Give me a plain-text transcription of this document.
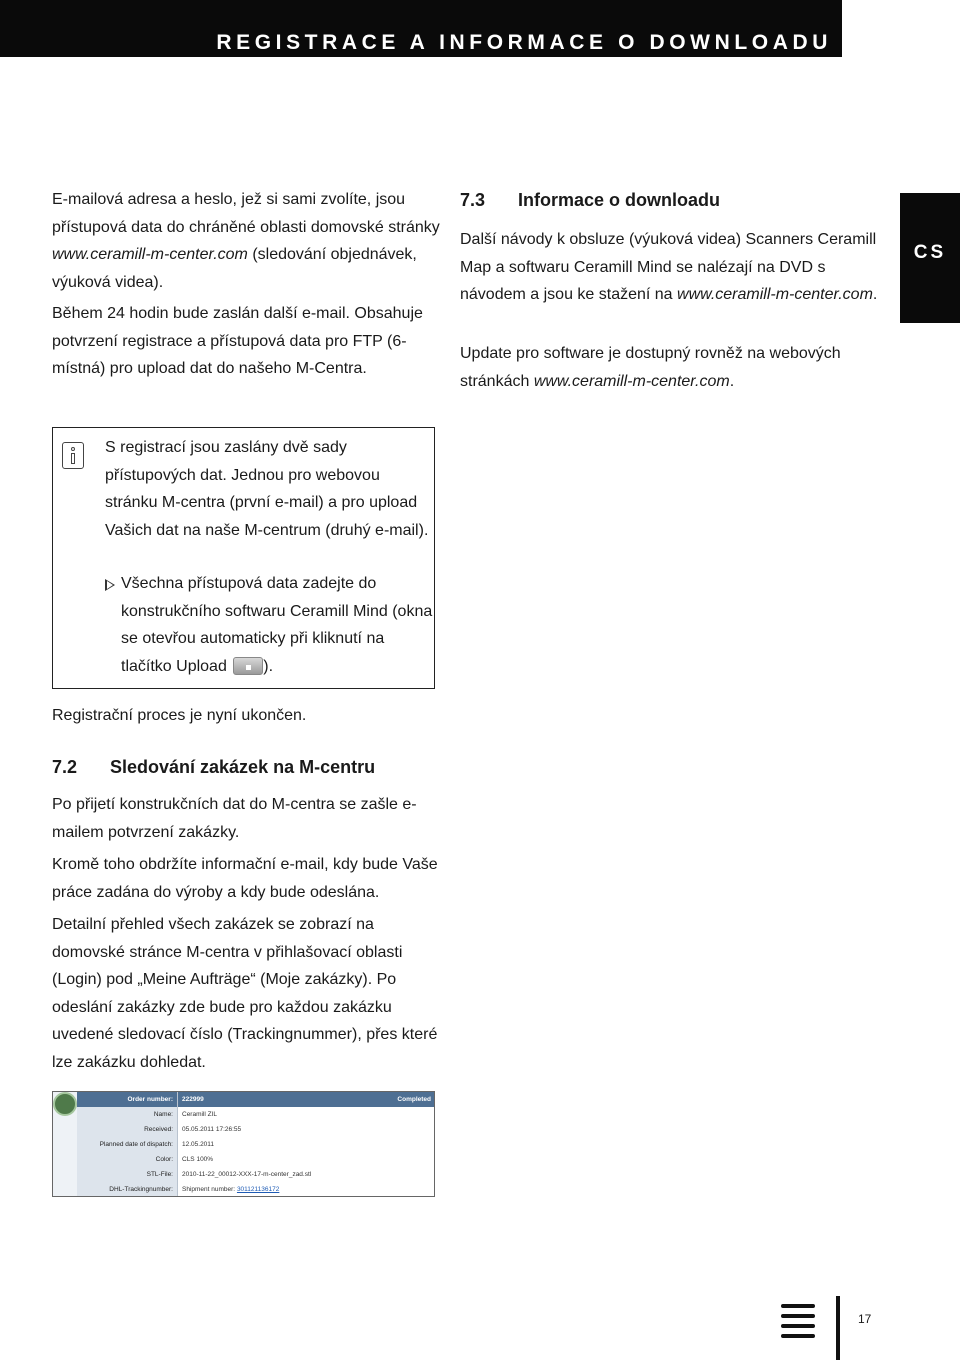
REGISTRACE A INFORMACE O DOWNLOADU
CS
E-mailová adresa a heslo, jež si sami zvolíte, jsou přístupová data do chráněné oblasti domovské stránky www.ceramill-m-center.com (sledování objednávek, výuková videa).
Během 24 hodin bude zaslán další e-mail. Obsahuje potvrzení registrace a přístupová data pro FTP (6-místná) pro upload dat do našeho M-Centra.
7.3 Informace o downloadu
Další návody k obsluze (výuková videa) Scanners Ceramill Map a softwaru Ceramill Mind se nalézají na DVD s návodem a jsou ke stažení na www.ceramill-m-center.com.
Update pro software je dostupný rovněž na webových stránkách www.ceramill-m-center.com.
S registrací jsou zaslány dvě sady přístupových dat. Jednou pro webovou stránku M-centra (první e-mail) a pro upload Vašich dat na naše M-centrum (druhý e-mail).
Všechna přístupová data zadejte do konstrukčního softwaru Ceramill Mind (okna se otevřou automaticky při kliknutí na tlačítko Upload ).
Registrační proces je nyní ukončen.
7.2 Sledování zakázek na M-centru
Po přijetí konstrukčních dat do M-centra se zašle e-mailem potvrzení zakázky.
Kromě toho obdržíte informační e-mail, kdy bude Vaše práce zadána do výroby a kdy bude odeslána.
Detailní přehled všech zakázek se zobrazí na domovské stránce M-centra v přihlašovací oblasti (Login) pod „Meine Aufträge“ (Moje zakázky). Po odeslání zakázky zde bude pro každou zakázku uvedené sledovací číslo (Trackingnummer), přes které lze zakázku dohledat.
Order number:	222999	Completed
Name:	Ceramill ZIL
Received:	05.05.2011 17:26:55
Planned date of dispatch:	12.05.2011
Color:	CLS 100%
STL-File:	2010-11-22_00012-XXX-17-m-center_zad.stl
DHL-Trackingnumber:	Shipment number: 301121136172
17
